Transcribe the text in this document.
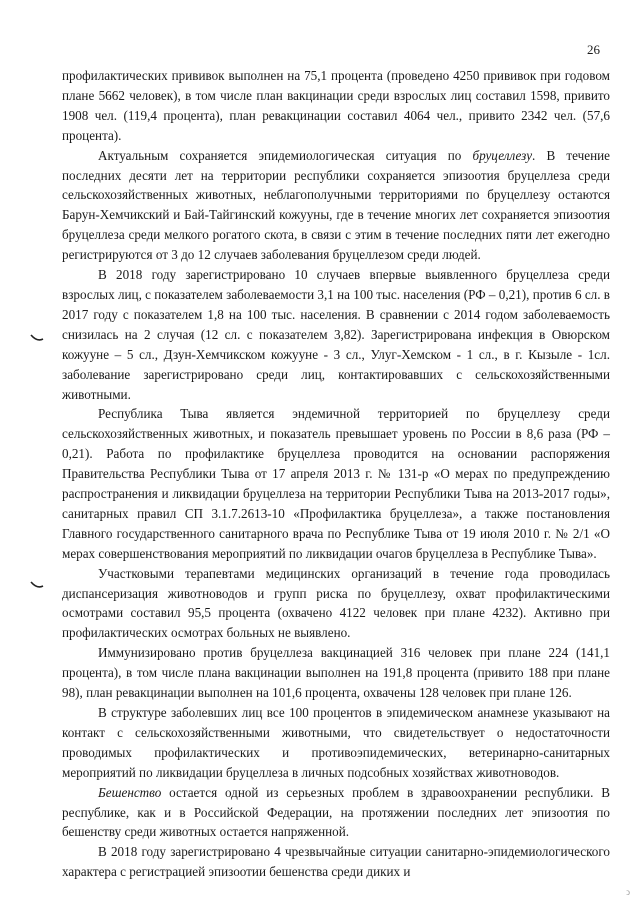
26

профилактических прививок выполнен на 75,1 процента (проведено 4250 прививок при годовом плане 5662 человек), в том числе план вакцинации среди взрослых лиц составил 1598, привито 1908 чел. (119,4 процента), план ревакцинации составил 4064 чел., привито 2342 чел. (57,6 процента).

Актуальным сохраняется эпидемиологическая ситуация по бруцеллезу. В течение последних десяти лет на территории республики сохраняется эпизоотия бруцеллеза среди сельскохозяйственных животных, неблагополучными территориями по бруцеллезу остаются Барун-Хемчикский и Бай-Тайгинский кожууны, где в течение многих лет сохраняется эпизоотия бруцеллеза среди мелкого рогатого скота, в связи с этим в течение последних пяти лет ежегодно регистрируются от 3 до 12 случаев заболевания бруцеллезом среди людей.

В 2018 году зарегистрировано 10 случаев впервые выявленного бруцеллеза среди взрослых лиц, с показателем заболеваемости 3,1 на 100 тыс. населения (РФ – 0,21), против 6 сл. в 2017 году с показателем 1,8 на 100 тыс. населения. В сравнении с 2014 годом заболеваемость снизилась на 2 случая (12 сл. с показателем 3,82). Зарегистрирована инфекция в Овюрском кожууне – 5 сл., Дзун-Хемчикском кожууне - 3 сл., Улуг-Хемском - 1 сл., в г. Кызыле - 1сл. заболевание зарегистрировано среди лиц, контактировавших с сельскохозяйственными животными.

Республика Тыва является эндемичной территорией по бруцеллезу среди сельскохозяйственных животных, и показатель превышает уровень по России в 8,6 раза (РФ – 0,21). Работа по профилактике бруцеллеза проводится на основании распоряжения Правительства Республики Тыва от 17 апреля 2013 г. № 131-р «О мерах по предупреждению распространения и ликвидации бруцеллеза на территории Республики Тыва на 2013-2017 годы», санитарных правил СП 3.1.7.2613-10 «Профилактика бруцеллеза», а также постановления Главного государственного санитарного врача по Республике Тыва от 19 июля 2010 г. № 2/1 «О мерах совершенствования мероприятий по ликвидации очагов бруцеллеза в Республике Тыва».

Участковыми терапевтами медицинских организаций в течение года проводилась диспансеризация животноводов и групп риска по бруцеллезу, охват профилактическими осмотрами составил 95,5 процента (охвачено 4122 человек при плане 4232). Активно при профилактических осмотрах больных не выявлено.

Иммунизировано против бруцеллеза вакцинацией 316 человек при плане 224 (141,1 процента), в том числе плана вакцинации выполнен на 191,8 процента (привито 188 при плане 98), план ревакцинации выполнен на 101,6 процента, охвачены 128 человек при плане 126.

В структуре заболевших лиц все 100 процентов в эпидемическом анамнезе указывают на контакт с сельскохозяйственными животными, что свидетельствует о недостаточности проводимых профилактических и противоэпидемических, ветеринарно-санитарных мероприятий по ликвидации бруцеллеза в личных подсобных хозяйствах животноводов.

Бешенство остается одной из серьезных проблем в здравоохранении республики. В республике, как и в Российской Федерации, на протяжении последних лет эпизоотия по бешенству среди животных остается напряженной.

В 2018 году зарегистрировано 4 чрезвычайные ситуации санитарно-эпидемиологического характера с регистрацией эпизоотии бешенства среди диких и

ↄ
